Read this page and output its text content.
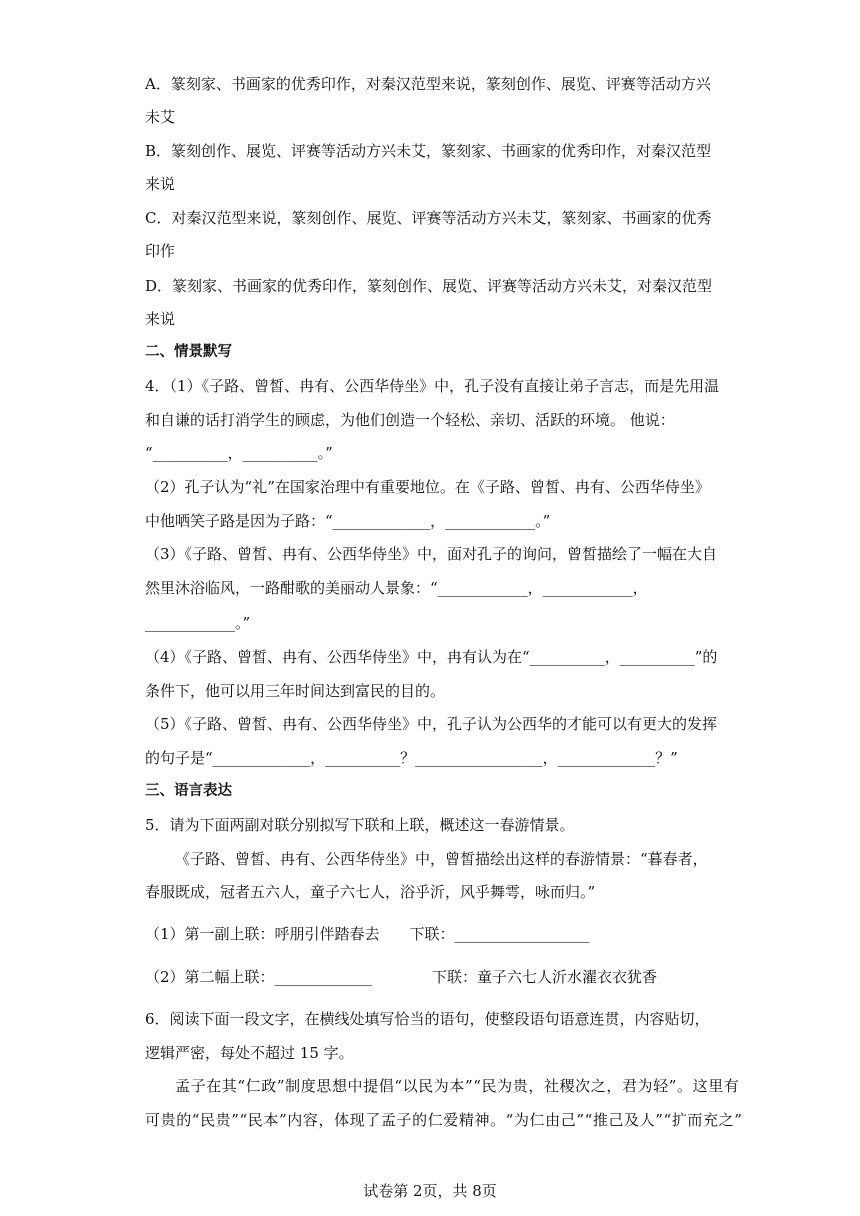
A．篆刻家、书画家的优秀印作，对秦汉范型来说，篆刻创作、展览、评赛等活动方兴
未艾
B．篆刻创作、展览、评赛等活动方兴未艾，篆刻家、书画家的优秀印作，对秦汉范型
来说
C．对秦汉范型来说，篆刻创作、展览、评赛等活动方兴未艾，篆刻家、书画家的优秀
印作
D．篆刻家、书画家的优秀印作，篆刻创作、展览、评赛等活动方兴未艾，对秦汉范型
来说
二、情景默写
4．（1）《子路、曾皙、冉有、公西华侍坐》中，孔子没有直接让弟子言志，而是先用温
和自谦的话打消学生的顾虑，为他们创造一个轻松、亲切、活跃的环境。 他说：
“__________，__________。”
（2）孔子认为“礼”在国家治理中有重要地位。在《子路、曾皙、冉有、公西华侍坐》
中他哂笑子路是因为子路：“_____________，____________。”
（3）《子路、曾皙、冉有、公西华侍坐》中，面对孔子的询问，曾皙描绘了一幅在大自
然里沐浴临风，一路酣歌的美丽动人景象：“____________，____________，
____________。”
（4）《子路、曾皙、冉有、公西华侍坐》中，冉有认为在“__________，__________”的
条件下，他可以用三年时间达到富民的目的。
（5）《子路、曾皙、冉有、公西华侍坐》中，孔子认为公西华的才能可以有更大的发挥
的句子是“_____________，__________？_________________，_____________？”
三、语言表达
5．请为下面两副对联分别拟写下联和上联，概述这一春游情景。
《子路、曾皙、冉有、公西华侍坐》中，曾皙描绘出这样的春游情景：“暮春者，
春服既成，冠者五六人，童子六七人，浴乎沂，风乎舞雩，咏而归。”
（1）第一副上联：呼朋引伴踏春去　　下联：__________________
（2）第二幅上联：_____________　　　　下联：童子六七人沂水濯衣衣犹香
6．阅读下面一段文字，在横线处填写恰当的语句，使整段语句语意连贯，内容贴切，
逻辑严密，每处不超过 15 字。
孟子在其“仁政”制度思想中提倡“以民为本”“民为贵，社稷次之，君为轻”。这里有
可贵的“民贵”“民本”内容，体现了孟子的仁爱精神。“为仁由己”“推己及人”“扩而充之”
试卷第 2页，共 8页
